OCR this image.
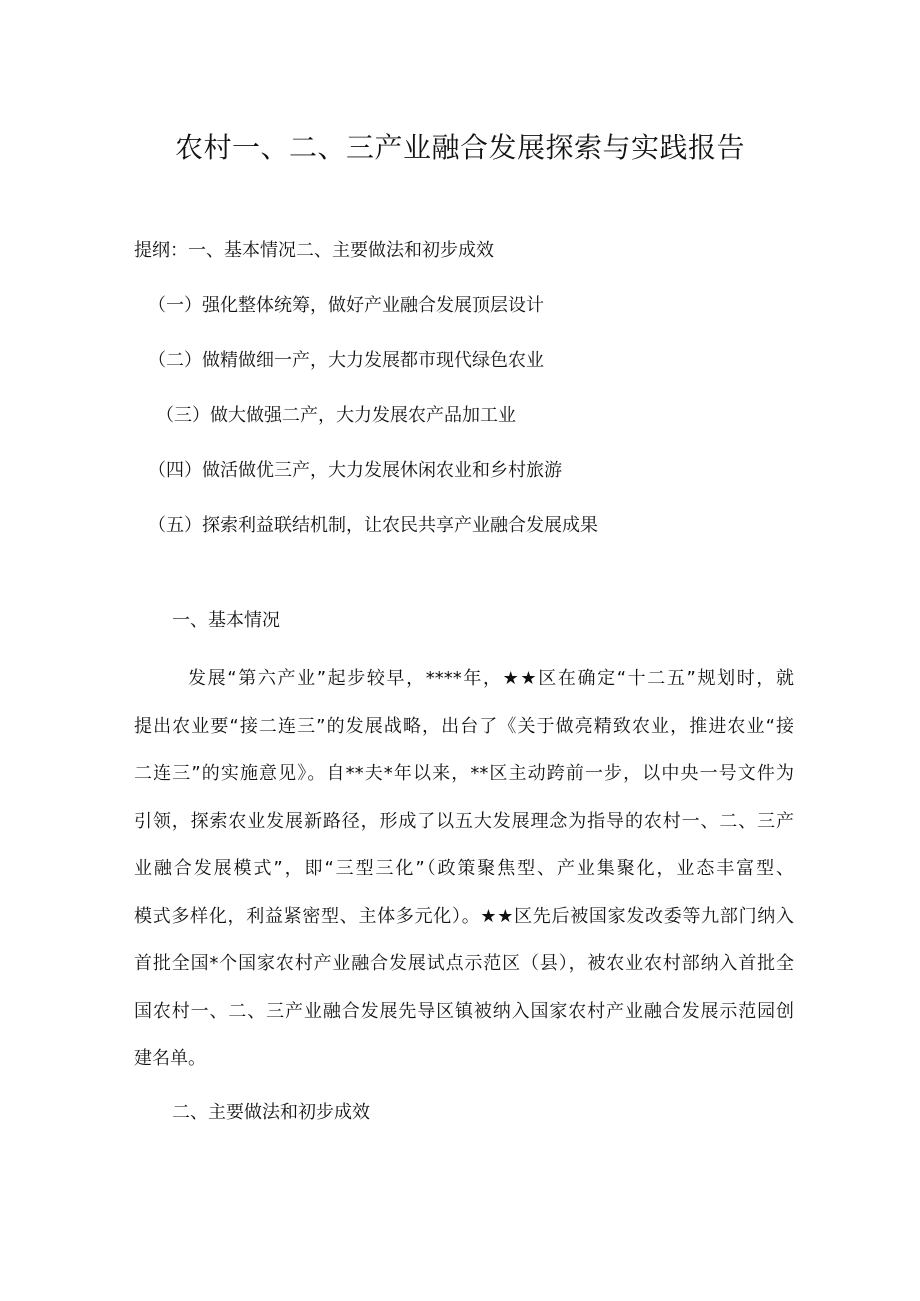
农村一、二、三产业融合发展探索与实践报告
提纲：一、基本情况二、主要做法和初步成效
（一）强化整体统筹，做好产业融合发展顶层设计
（二）做精做细一产，大力发展都市现代绿色农业
（三）做大做强二产，大力发展农产品加工业
（四）做活做优三产，大力发展休闲农业和乡村旅游
（五）探索利益联结机制，让农民共享产业融合发展成果
一、基本情况
发展“第六产业”起步较早，****年，★★区在确定“十二五”规划时，就
提出农业要“接二连三”的发展战略，出台了《关于做亮精致农业，推进农业“接
二连三”的实施意见》。自**夫*年以来，**区主动跨前一步，以中央一号文件为
引领，探索农业发展新路径，形成了以五大发展理念为指导的农村一、二、三产
业融合发展模式”，即“三型三化”（政策聚焦型、产业集聚化，业态丰富型、
模式多样化，利益紧密型、主体多元化）。★★区先后被国家发改委等九部门纳入
首批全国*个国家农村产业融合发展试点示范区（县），被农业农村部纳入首批全
国农村一、二、三产业融合发展先导区镇被纳入国家农村产业融合发展示范园创
建名单。
二、主要做法和初步成效
